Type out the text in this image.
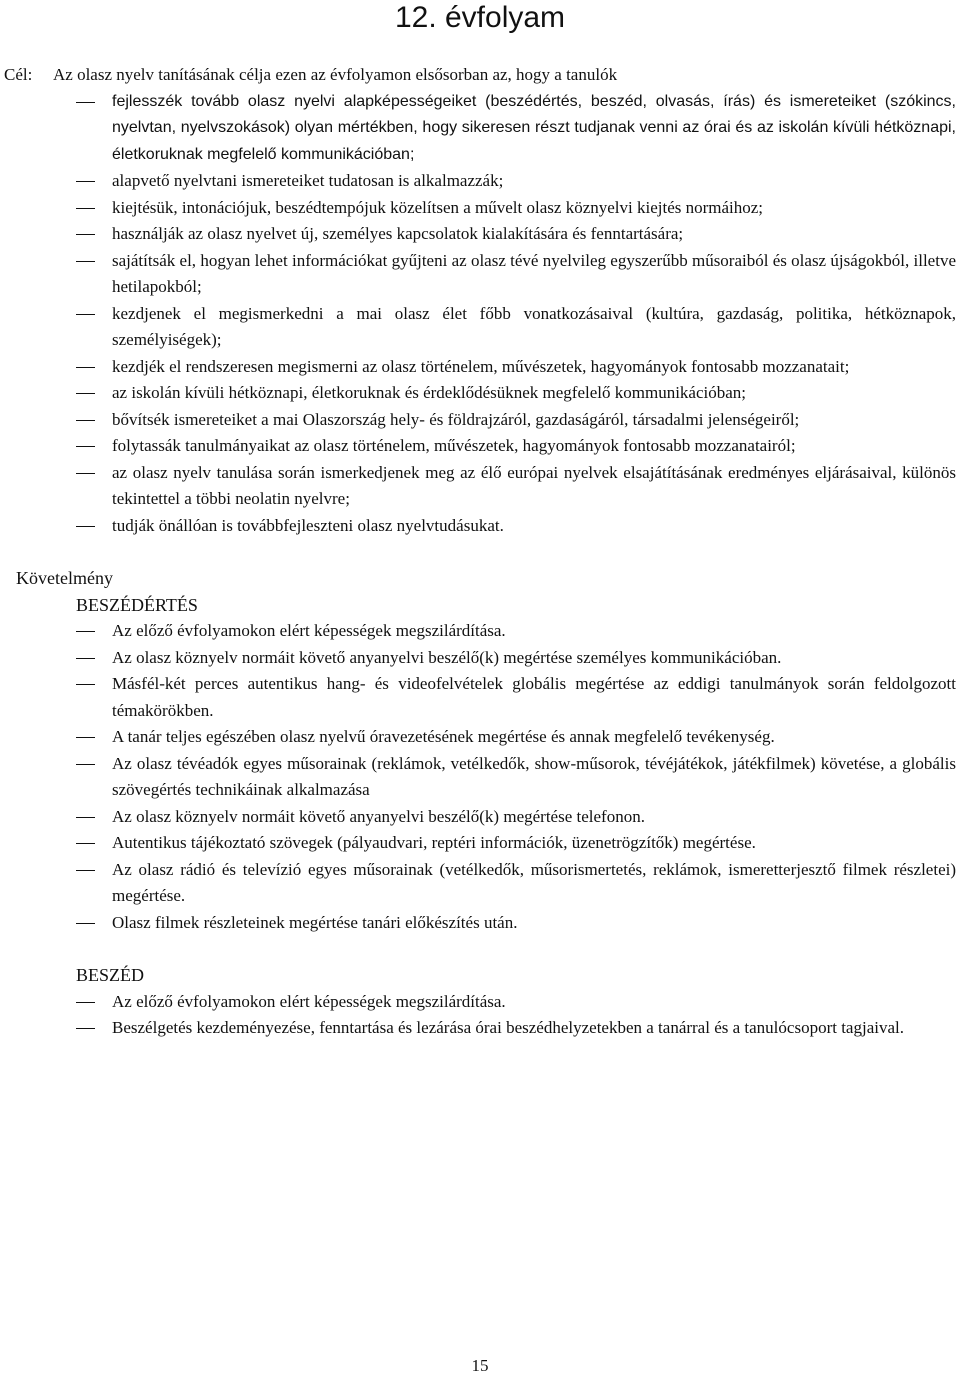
12. évfolyam

Cél: Az olasz nyelv tanításának célja ezen az évfolyamon elsősorban az, hogy a tanulók

fejlesszék tovább olasz nyelvi alapképességeiket (beszédértés, beszéd, olvasás, írás) és ismereteiket (szókincs, nyelvtan, nyelvszokások) olyan mértékben, hogy sikeresen részt tudjanak venni az órai és az iskolán kívüli hétköznapi, életkoruknak megfelelő kommunikációban;
alapvető nyelvtani ismereteiket tudatosan is alkalmazzák;
kiejtésük, intonációjuk, beszédtempójuk közelítsen a művelt olasz köznyelvi kiejtés normáihoz;
használják az olasz nyelvet új, személyes kapcsolatok kialakítására és fenntartására;
sajátítsák el, hogyan lehet információkat gyűjteni az olasz tévé nyelvileg egyszerűbb műsoraiból és olasz újságokból, illetve hetilapokból;
kezdjenek el megismerkedni a mai olasz élet főbb vonatkozásaival (kultúra, gazdaság, politika, hétköznapok, személyiségek);
kezdjék el rendszeresen megismerni az olasz történelem, művészetek, hagyományok fontosabb mozzanatait;
az iskolán kívüli hétköznapi, életkoruknak és érdeklődésüknek megfelelő kommunikációban;
bővítsék ismereteiket a mai Olaszország hely- és földrajzáról, gazdaságáról, társadalmi jelenségeiről;
folytassák tanulmányaikat az olasz történelem, művészetek, hagyományok fontosabb mozzanatairól;
az olasz nyelv tanulása során ismerkedjenek meg az élő európai nyelvek elsajátításának eredményes eljárásaival, különös tekintettel a többi neolatin nyelvre;
tudják önállóan is továbbfejleszteni olasz nyelvtudásukat.
Követelmény
BESZÉDÉRTÉS
Az előző évfolyamokon elért képességek megszilárdítása.
Az olasz köznyelv normáit követő anyanyelvi beszélő(k) megértése személyes kommunikációban.
Másfél-két perces autentikus hang- és videofelvételek globális megértése az eddigi tanulmányok során feldolgozott témakörökben.
A tanár teljes egészében olasz nyelvű óravezetésének megértése és annak megfelelő tevékenység.
Az olasz tévéadók egyes műsorainak (reklámok, vetélkedők, show-műsorok, tévéjátékok, játékfilmek) követése, a globális szövegértés technikáinak alkalmazása
Az olasz köznyelv normáit követő anyanyelvi beszélő(k) megértése telefonon.
Autentikus tájékoztató szövegek (pályaudvari, reptéri információk, üzenetrögzítők) megértése.
Az olasz rádió és televízió egyes műsorainak (vetélkedők, műsorismertetés, reklámok, ismeretterjesztő filmek részletei) megértése.
Olasz filmek részleteinek megértése tanári előkészítés után.
BESZÉD
Az előző évfolyamokon elért képességek megszilárdítása.
Beszélgetés kezdeményezése, fenntartása és lezárása órai beszédhelyzetekben a tanárral és a tanulócsoport tagjaival.
15
